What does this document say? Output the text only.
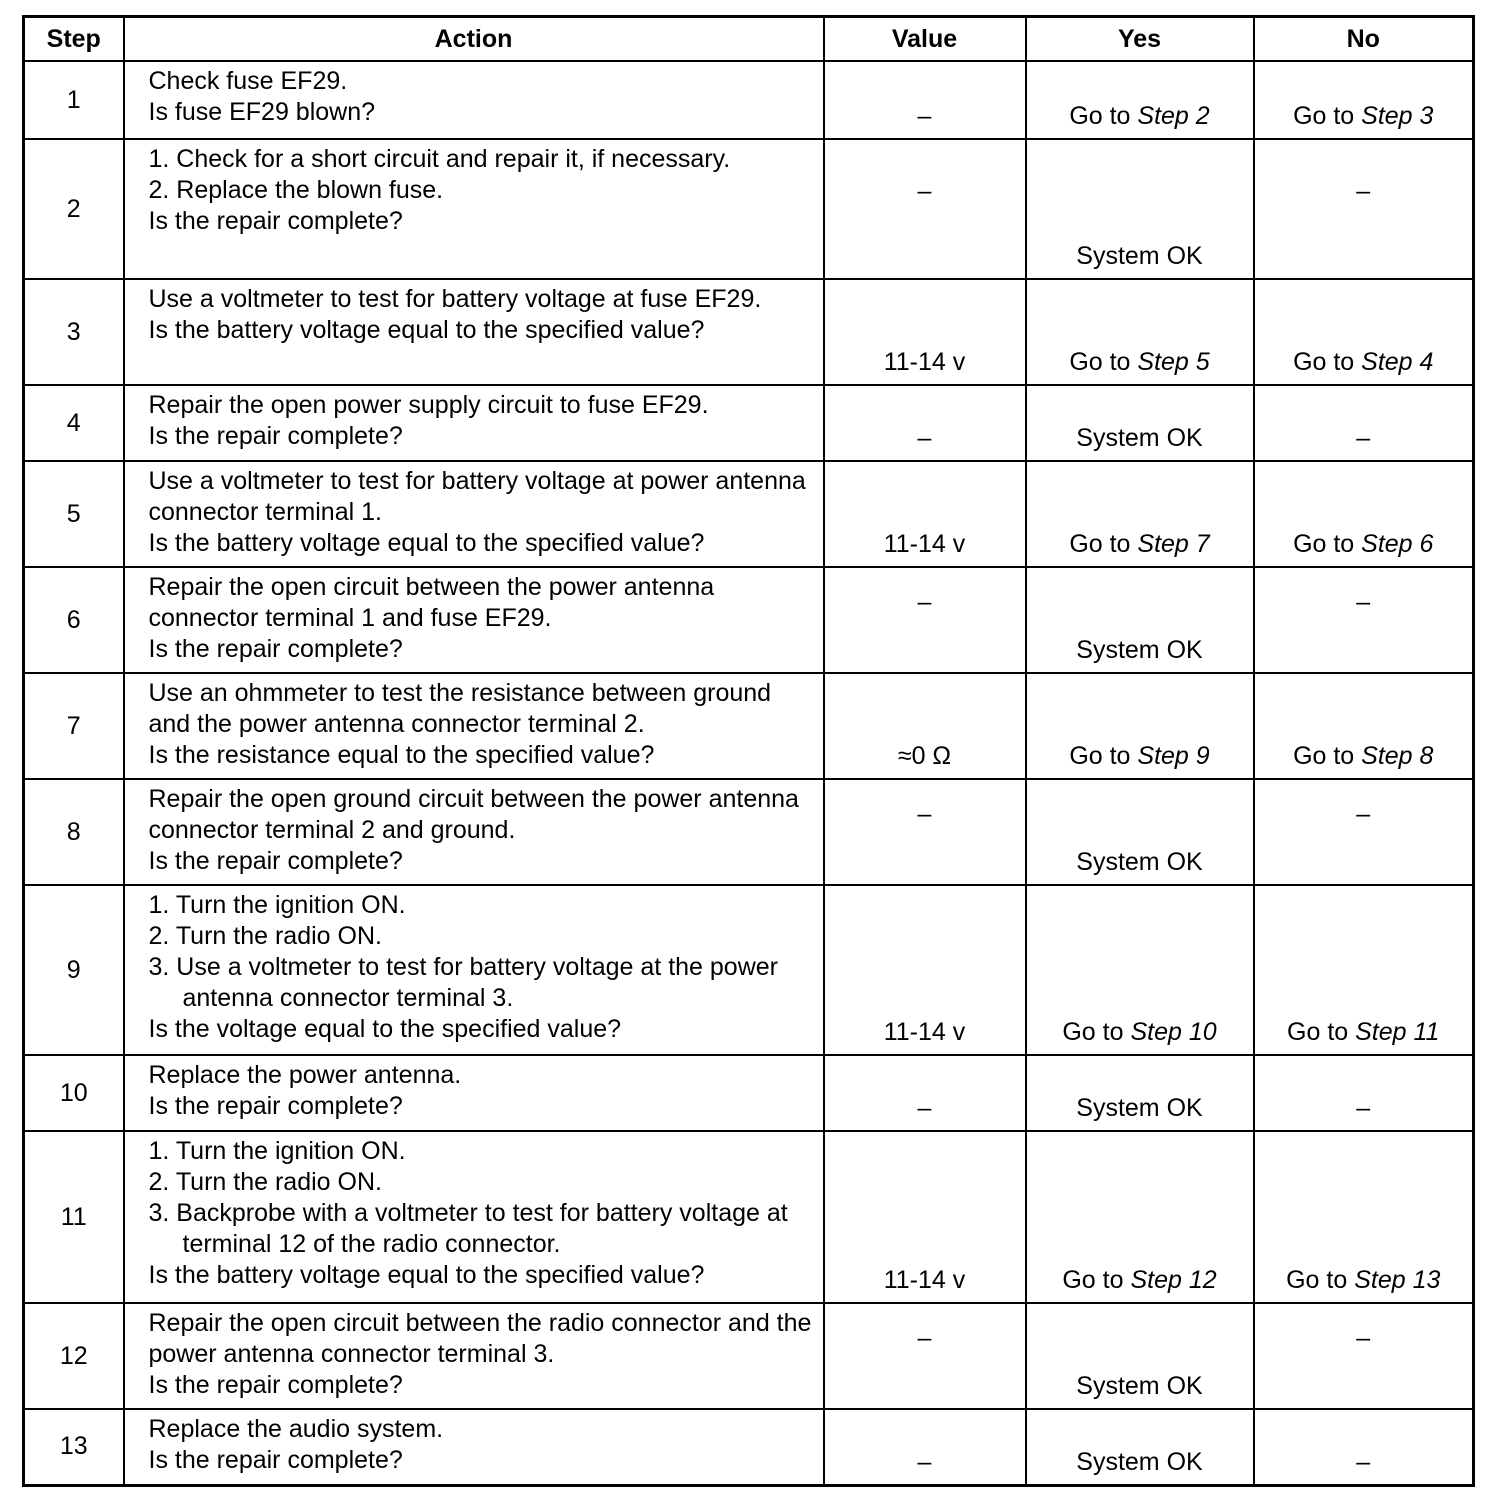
Step	Action	Value	Yes	No
1	Check fuse EF29.
Is fuse EF29 blown?	–	Go to Step 2	Go to Step 3
2	1. Check for a short circuit and repair it, if necessary.
2. Replace the blown fuse.
Is the repair complete?	–	System OK	–
3	Use a voltmeter to test for battery voltage at fuse EF29.
Is the battery voltage equal to the specified value?	11-14 v	Go to Step 5	Go to Step 4
4	Repair the open power supply circuit to fuse EF29.
Is the repair complete?	–	System OK	–
5	Use a voltmeter to test for battery voltage at power antenna connector terminal 1.
Is the battery voltage equal to the specified value?	11-14 v	Go to Step 7	Go to Step 6
6	Repair the open circuit between the power antenna connector terminal 1 and fuse EF29.
Is the repair complete?	–	System OK	–
7	Use an ohmmeter to test the resistance between ground and the power antenna connector terminal 2.
Is the resistance equal to the specified value?	≈0 Ω	Go to Step 9	Go to Step 8
8	Repair the open ground circuit between the power antenna connector terminal 2 and ground.
Is the repair complete?	–	System OK	–
9	1. Turn the ignition ON.
2. Turn the radio ON.
3. Use a voltmeter to test for battery voltage at the power antenna connector terminal 3.
Is the voltage equal to the specified value?	11-14 v	Go to Step 10	Go to Step 11
10	Replace the power antenna.
Is the repair complete?	–	System OK	–
11	1. Turn the ignition ON.
2. Turn the radio ON.
3. Backprobe with a voltmeter to test for battery voltage at terminal 12 of the radio connector.
Is the battery voltage equal to the specified value?	11-14 v	Go to Step 12	Go to Step 13
12	Repair the open circuit between the radio connector and the power antenna connector terminal 3.
Is the repair complete?	–	System OK	–
13	Replace the audio system.
Is the repair complete?	–	System OK	–
